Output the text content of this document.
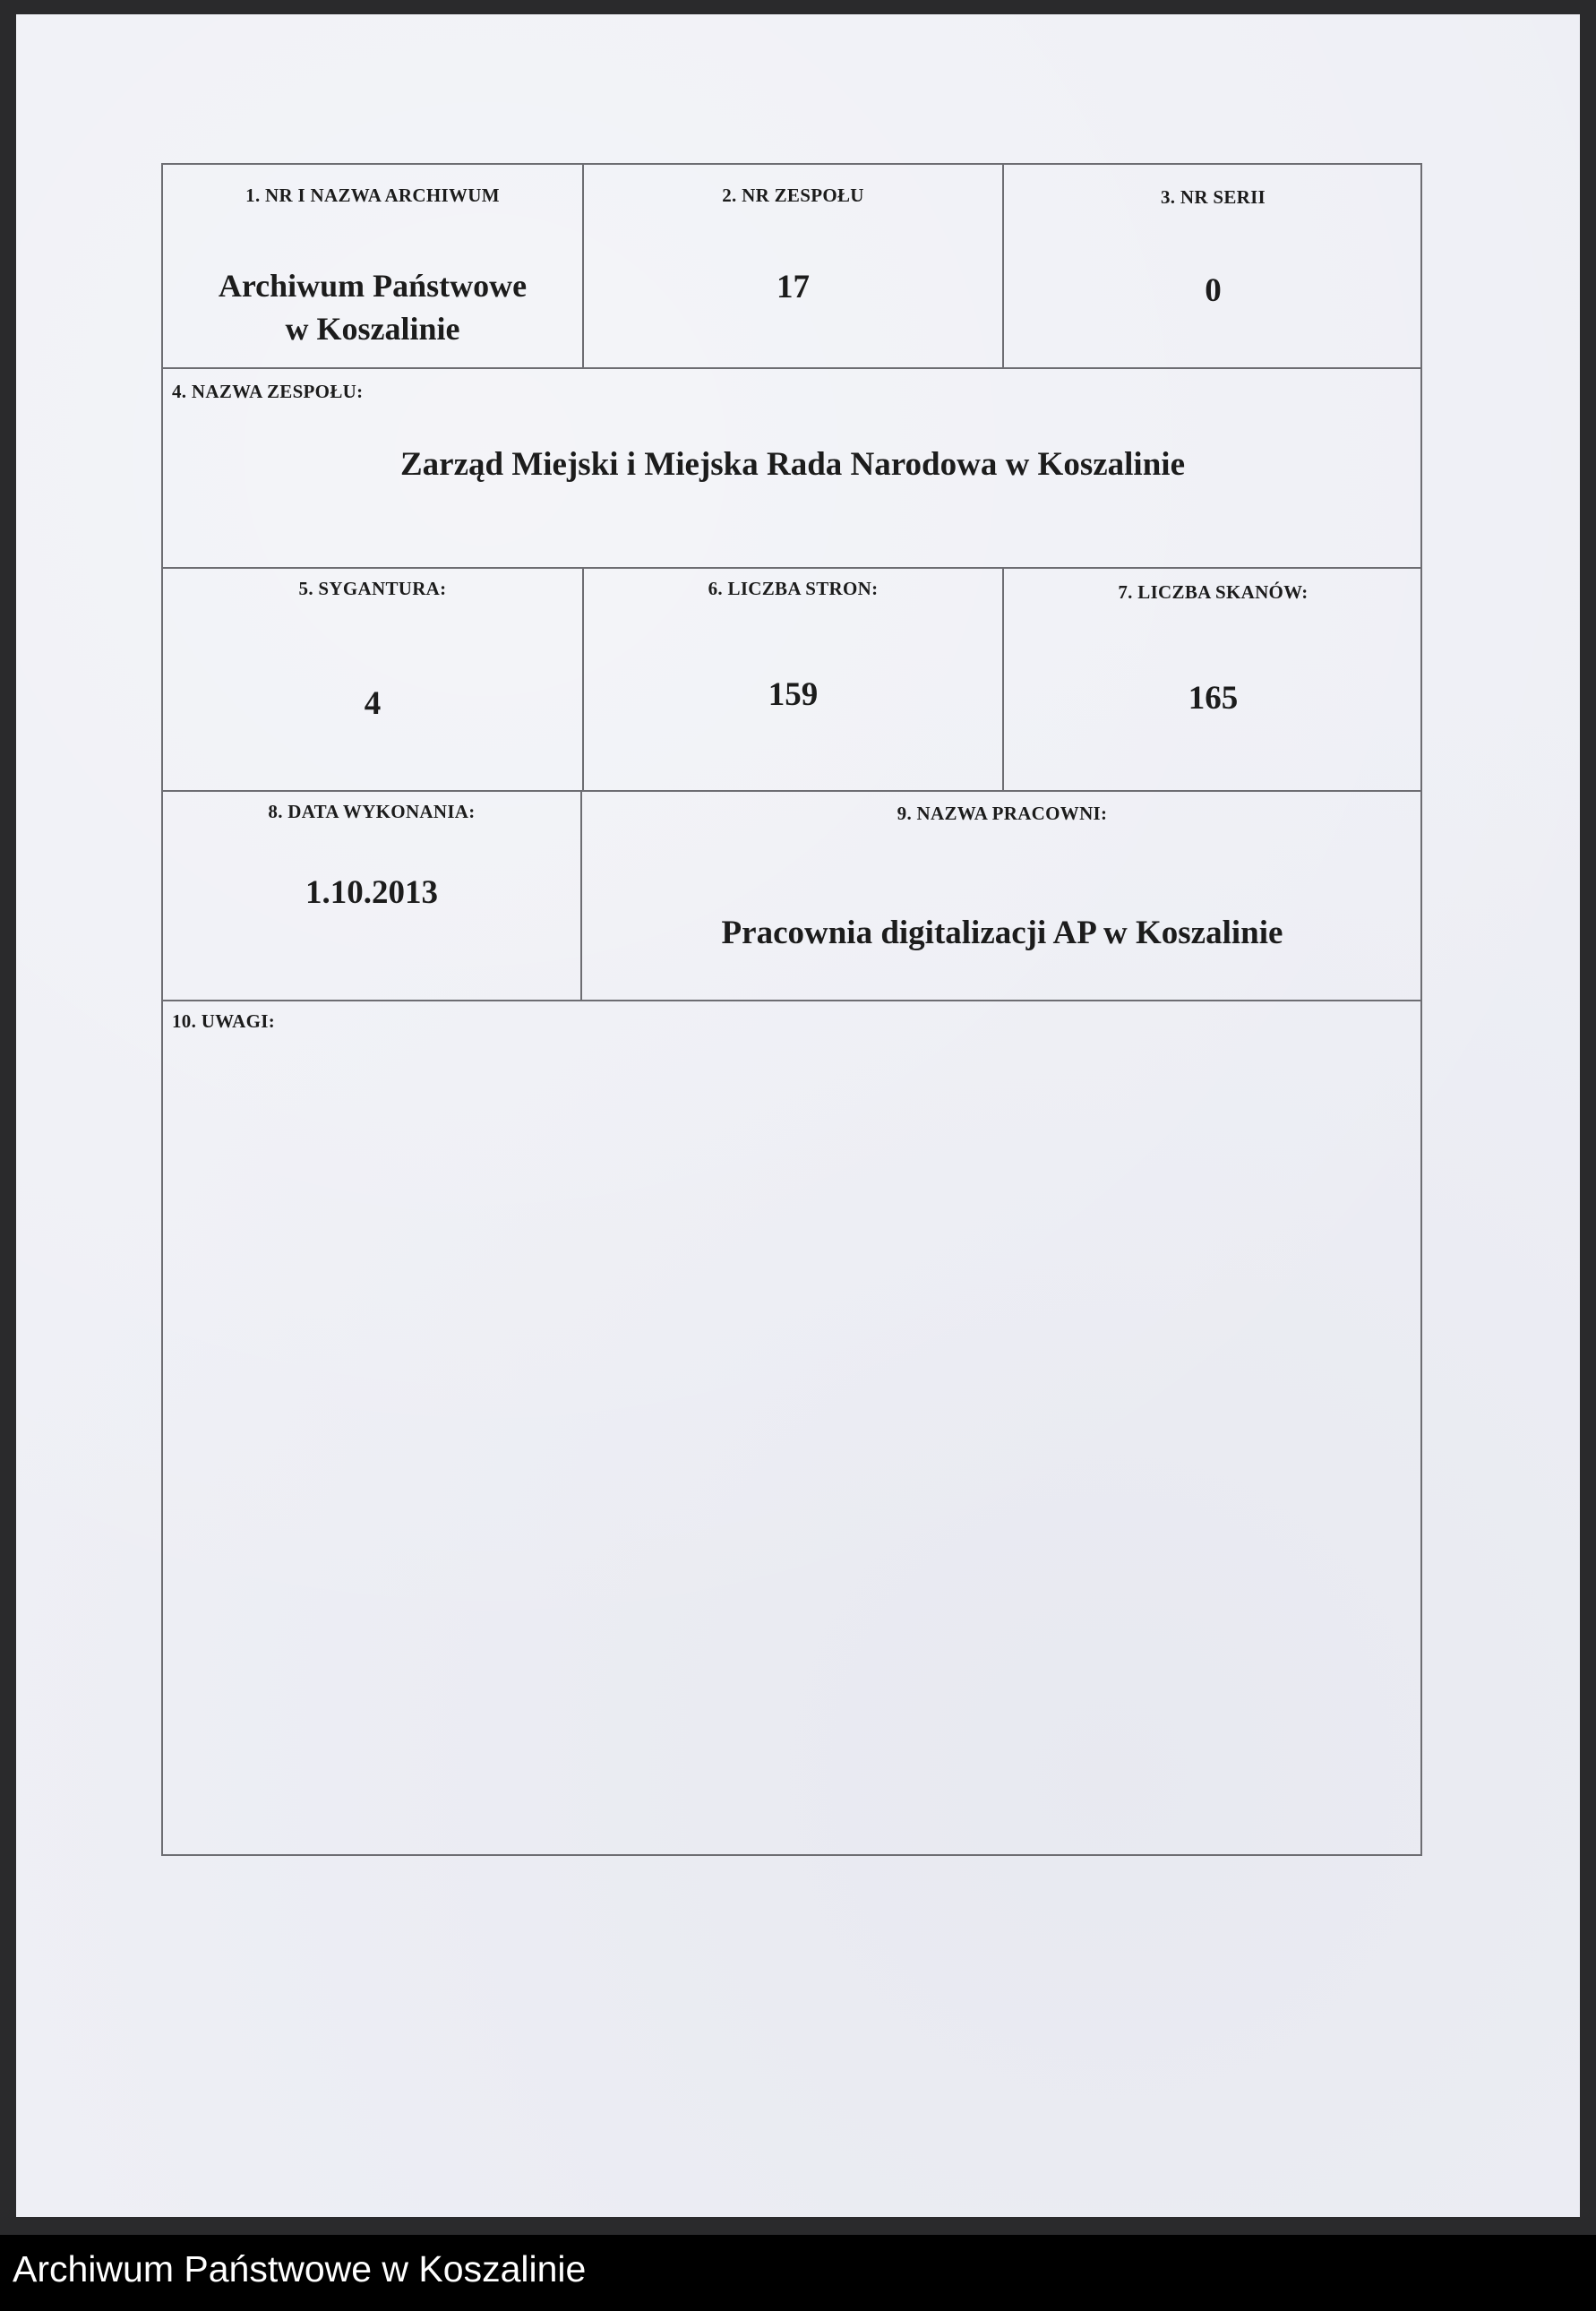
1. NR I NAZWA ARCHIWUM
Archiwum Państwowe
w Koszalinie
2. NR ZESPOŁU
17
3. NR SERII
0
4. NAZWA ZESPOŁU:
Zarząd Miejski i Miejska Rada Narodowa w Koszalinie
5. SYGANTURA:
4
6. LICZBA STRON:
159
7. LICZBA SKANÓW:
165
8. DATA WYKONANIA:
1.10.2013
9. NAZWA PRACOWNI:
Pracownia digitalizacji AP w Koszalinie
10. UWAGI:
Archiwum Państwowe w Koszalinie
